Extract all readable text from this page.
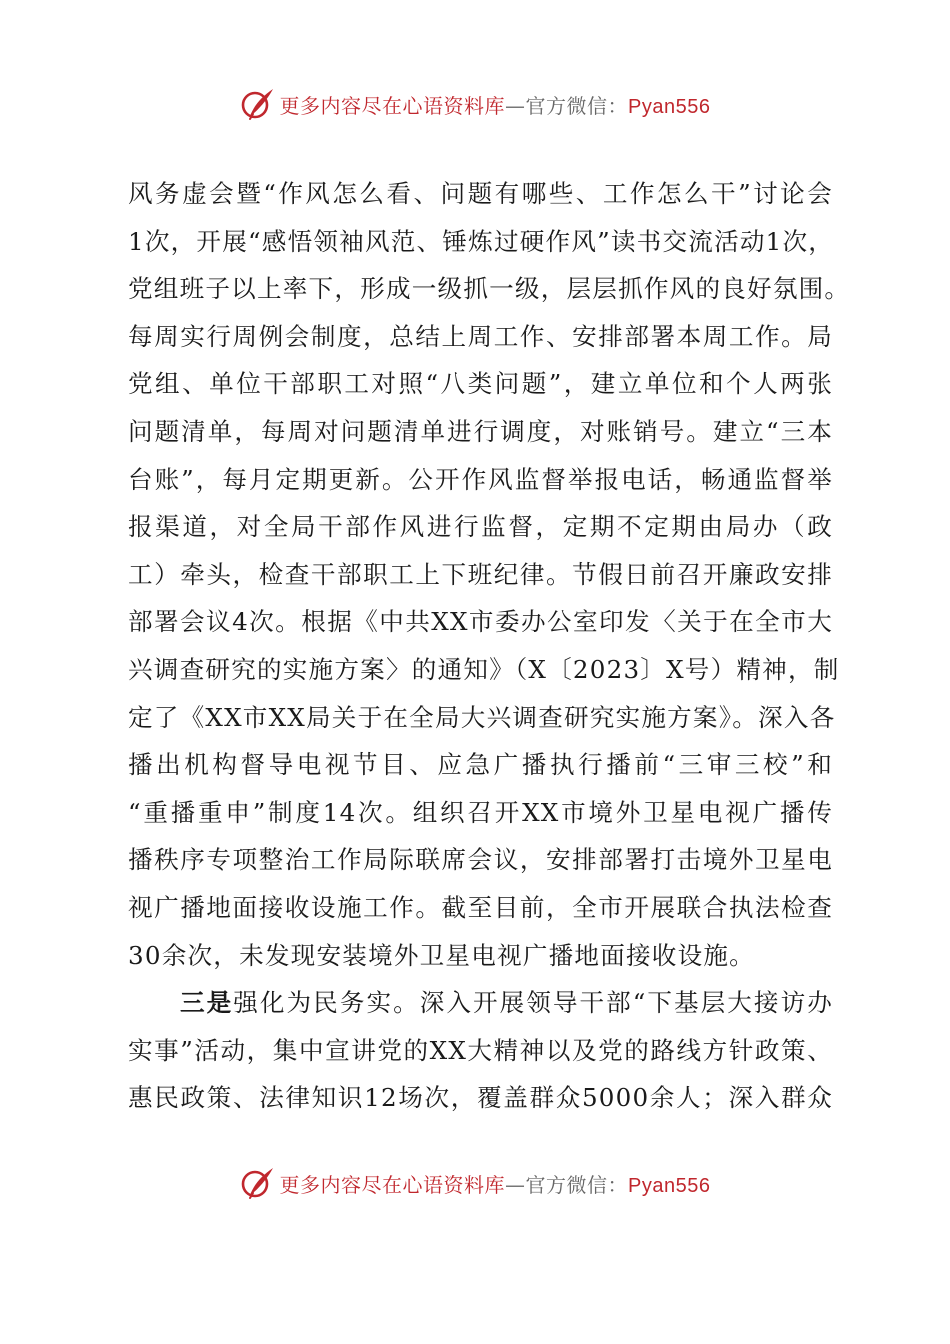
更多内容尽在心语资料库—官方微信：Pyan556
风务虚会暨“作风怎么看、问题有哪些、工作怎么干”讨论会
1次，开展“感悟领袖风范、锤炼过硬作风”读书交流活动1次，
党组班子以上率下，形成一级抓一级，层层抓作风的良好氛围。
每周实行周例会制度，总结上周工作、安排部署本周工作。局
党组、单位干部职工对照“八类问题”，建立单位和个人两张
问题清单，每周对问题清单进行调度，对账销号。建立“三本
台账”，每月定期更新。公开作风监督举报电话，畅通监督举
报渠道，对全局干部作风进行监督，定期不定期由局办（政
工）牵头，检查干部职工上下班纪律。节假日前召开廉政安排
部署会议4次。根据《中共XX市委办公室印发〈关于在全市大
兴调查研究的实施方案〉的通知》（X〔2023〕X号）精神，制
定了《XX市XX局关于在全局大兴调查研究实施方案》。深入各
播出机构督导电视节目、应急广播执行播前“三审三校”和
“重播重申”制度14次。组织召开XX市境外卫星电视广播传
播秩序专项整治工作局际联席会议，安排部署打击境外卫星电
视广播地面接收设施工作。截至目前，全市开展联合执法检查
30余次，未发现安装境外卫星电视广播地面接收设施。
三是强化为民务实。深入开展领导干部“下基层大接访办
实事”活动，集中宣讲党的XX大精神以及党的路线方针政策、
惠民政策、法律知识12场次，覆盖群众5000余人；深入群众
更多内容尽在心语资料库—官方微信：Pyan556
